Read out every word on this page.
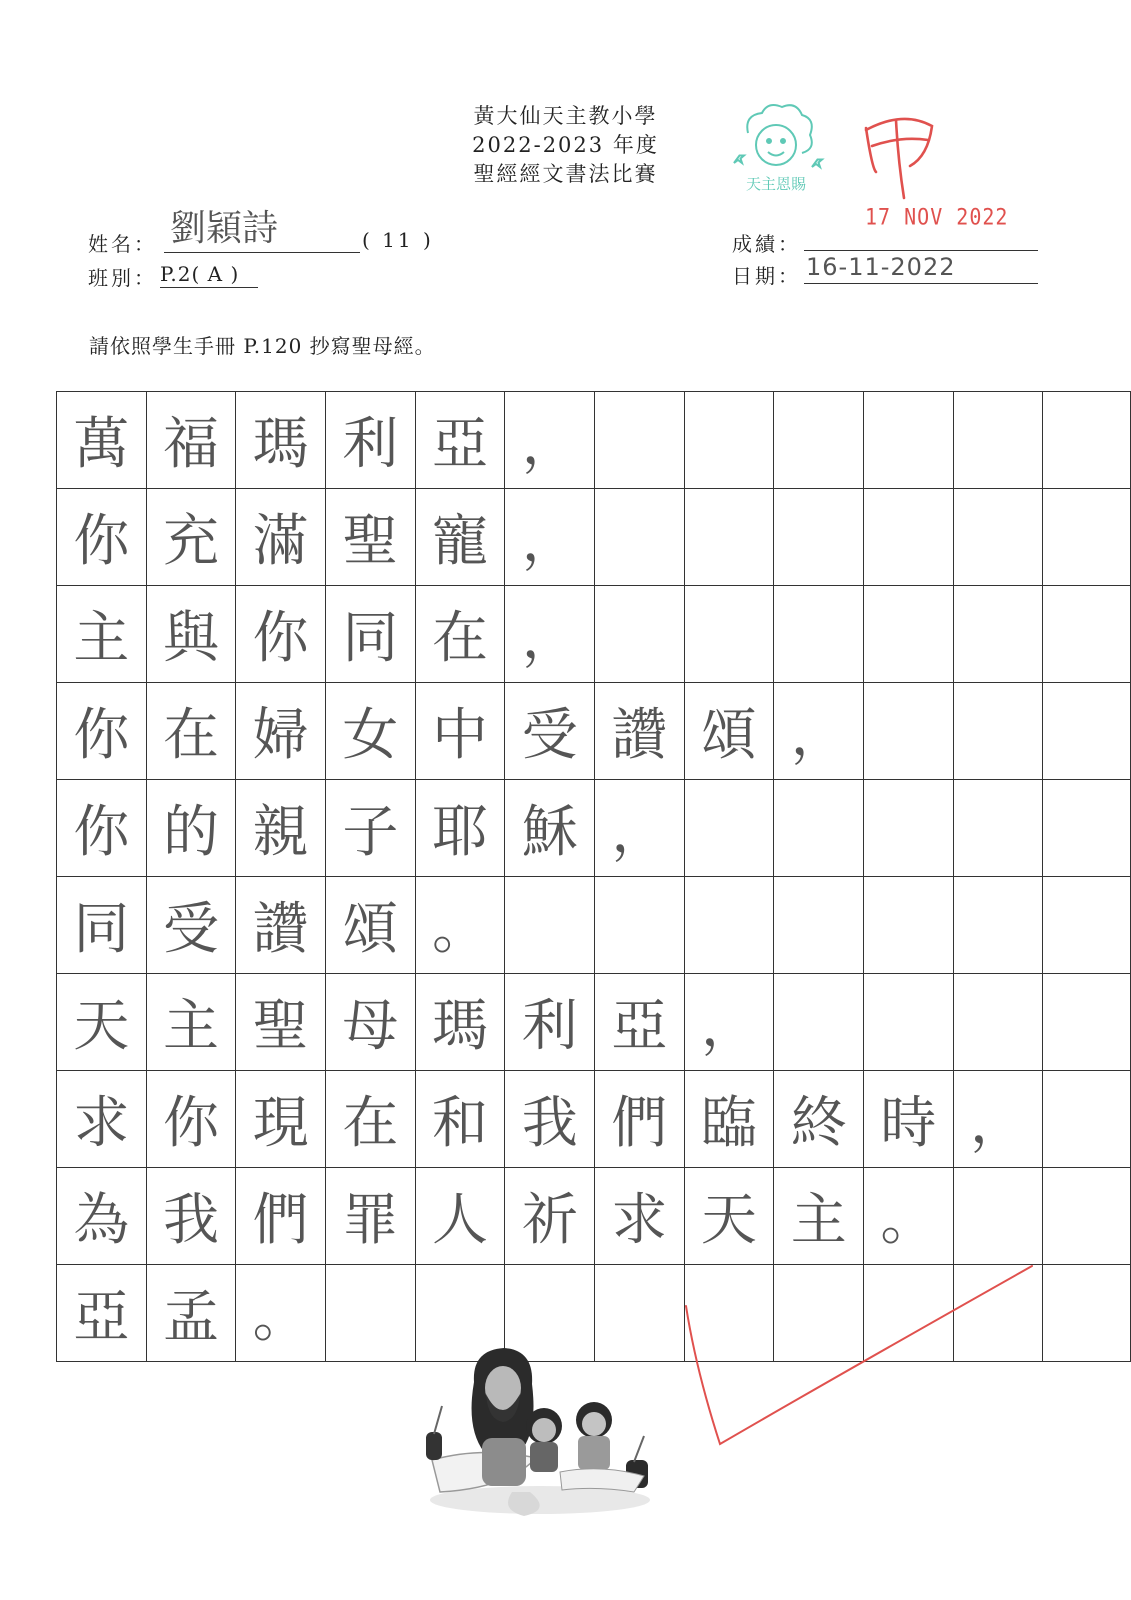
黃大仙天主教小學
2022-2023 年度
聖經經文書法比賽	天主恩賜
17 NOV 2022
姓名： 劉穎詩	( 11 )
班別： P.2( A )
成績：
日期： 16-11-2022
請依照學生手冊 P.120 抄寫聖母經。
萬	福	瑪	利	亞	，						
你	充	滿	聖	寵	，						
主	與	你	同	在	，						
你	在	婦	女	中	受	讚	頌	，			
你	的	親	子	耶	穌	，					
同	受	讚	頌	。							
天	主	聖	母	瑪	利	亞	，				
求	你	現	在	和	我	們	臨	終	時	，	
為	我	們	罪	人	祈	求	天	主	。		
亞	孟	。									
